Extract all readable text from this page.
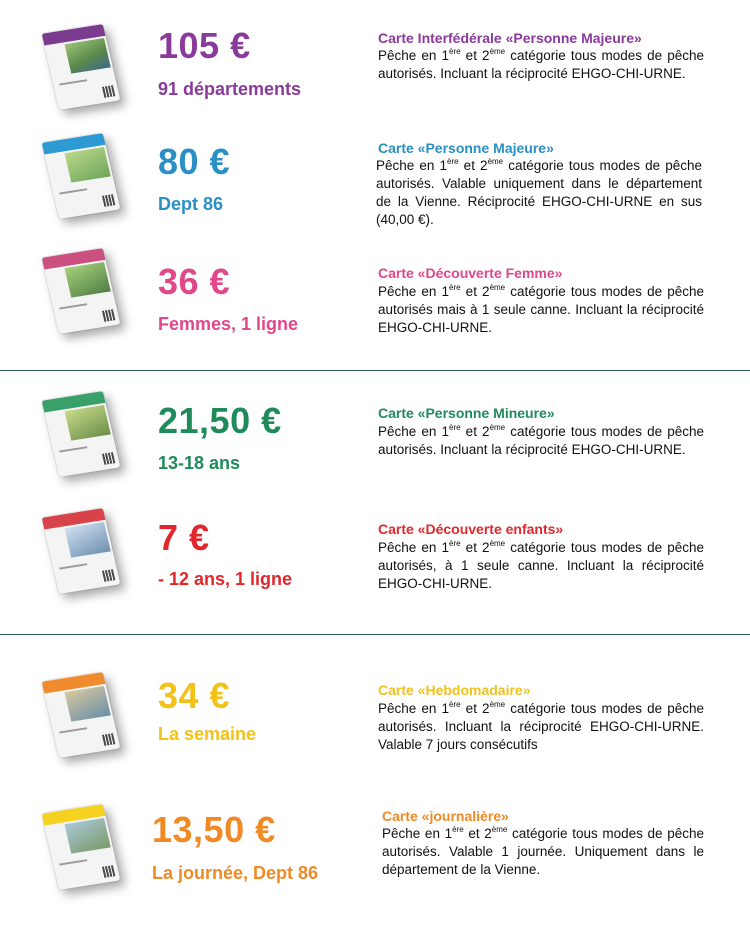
105 €
91 départements
Carte Interfédérale «Personne Majeure»
Pêche en 1ère et 2ème catégorie tous modes de pêche autorisés. Incluant la réciprocité EHGO-CHI-URNE.
80 €
Dept 86
Carte «Personne Majeure»
Pêche en 1ère et 2ème catégorie tous modes de pêche autorisés. Valable uniquement dans le département de la Vienne. Réciprocité EHGO-CHI-URNE en sus (40,00 €).
36 €
Femmes, 1 ligne
Carte «Découverte Femme»
Pêche en 1ère et 2ème catégorie tous modes de pêche autorisés mais à 1 seule canne. Incluant la réciprocité EHGO-CHI-URNE.
21,50 €
13-18 ans
Carte «Personne Mineure»
Pêche en 1ère et 2ème catégorie tous modes de pêche autorisés. Incluant la réciprocité EHGO-CHI-URNE.
7 €
- 12 ans, 1 ligne
Carte «Découverte enfants»
Pêche en 1ère et 2ème catégorie tous modes de pêche autorisés, à 1 seule canne. Incluant la réciprocité EHGO-CHI-URNE.
34 €
La semaine
Carte «Hebdomadaire»
Pêche en 1ère et 2ème catégorie tous modes de pêche autorisés. Incluant la réciprocité EHGO-CHI-URNE. Valable 7 jours consécutifs
13,50 €
La journée, Dept 86
Carte «journalière»
Pêche en 1ère et 2ème catégorie tous modes de pêche autorisés. Valable 1 journée. Uniquement dans le département de la Vienne.
